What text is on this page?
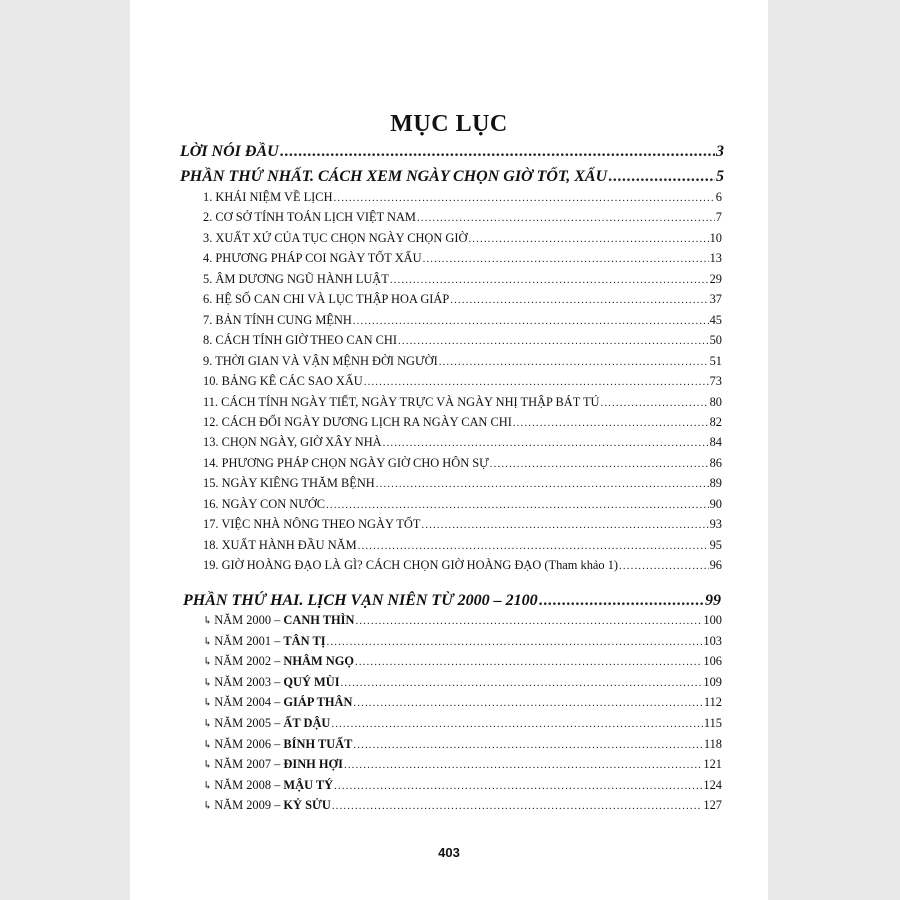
MỤC LỤC
LỜI NÓI ĐẦU .....	3
PHẦN THỨ NHẤT. CÁCH XEM NGÀY CHỌN GIỜ TỐT, XẤU .....	5
1. KHÁI NIỆM VỀ LỊCH .....	6
2. CƠ SỞ TÍNH TOÁN LỊCH VIỆT NAM .....	7
3. XUẤT XỨ CỦA TỤC CHỌN NGÀY CHỌN GIỜ .....	10
4. PHƯƠNG PHÁP COI NGÀY TỐT XẤU .....	13
5. ÂM DƯƠNG NGŨ HÀNH LUẬT .....	29
6. HỆ SỐ CAN CHI VÀ LỤC THẬP HOA GIÁP .....	37
7. BẢN TÍNH CUNG MỆNH .....	45
8. CÁCH TÍNH GIỜ THEO CAN CHI .....	50
9. THỜI GIAN VÀ VẬN MỆNH ĐỜI NGƯỜI .....	51
10. BẢNG KÊ CÁC SAO XẤU .....	73
11. CÁCH TÍNH NGÀY TIẾT, NGÀY TRỰC VÀ NGÀY NHỊ THẬP BÁT TÚ .....	80
12. CÁCH ĐỔI NGÀY DƯƠNG LỊCH RA NGÀY CAN CHI .....	82
13. CHỌN NGÀY, GIỜ XÂY NHÀ .....	84
14. PHƯƠNG PHÁP CHỌN NGÀY GIỜ CHO HÔN SỰ .....	86
15. NGÀY KIÊNG THĂM BỆNH .....	89
16. NGÀY CON NƯỚC .....	90
17. VIỆC NHÀ NÔNG THEO NGÀY TỐT .....	93
18. XUẤT HÀNH ĐẦU NĂM .....	95
19. GIỜ HOÀNG ĐẠO LÀ GÌ? CÁCH CHỌN GIỜ HOÀNG ĐẠO (Tham khảo 1) .....	96
PHẦN THỨ HAI. LỊCH VẠN NIÊN TỪ 2000 – 2100 .....	99
↳ NĂM 2000 – CANH THÌN .....	100
↳ NĂM 2001 – TÂN TỊ .....	103
↳ NĂM 2002 – NHÂM NGỌ .....	106
↳ NĂM 2003 – QUÝ MÙI .....	109
↳ NĂM 2004 – GIÁP THÂN .....	112
↳ NĂM 2005 – ẤT DẬU .....	115
↳ NĂM 2006 – BÍNH TUẤT .....	118
↳ NĂM 2007 – ĐINH HỢI .....	121
↳ NĂM 2008 – MẬU TÝ .....	124
↳ NĂM 2009 – KỶ SỬU .....	127
403
